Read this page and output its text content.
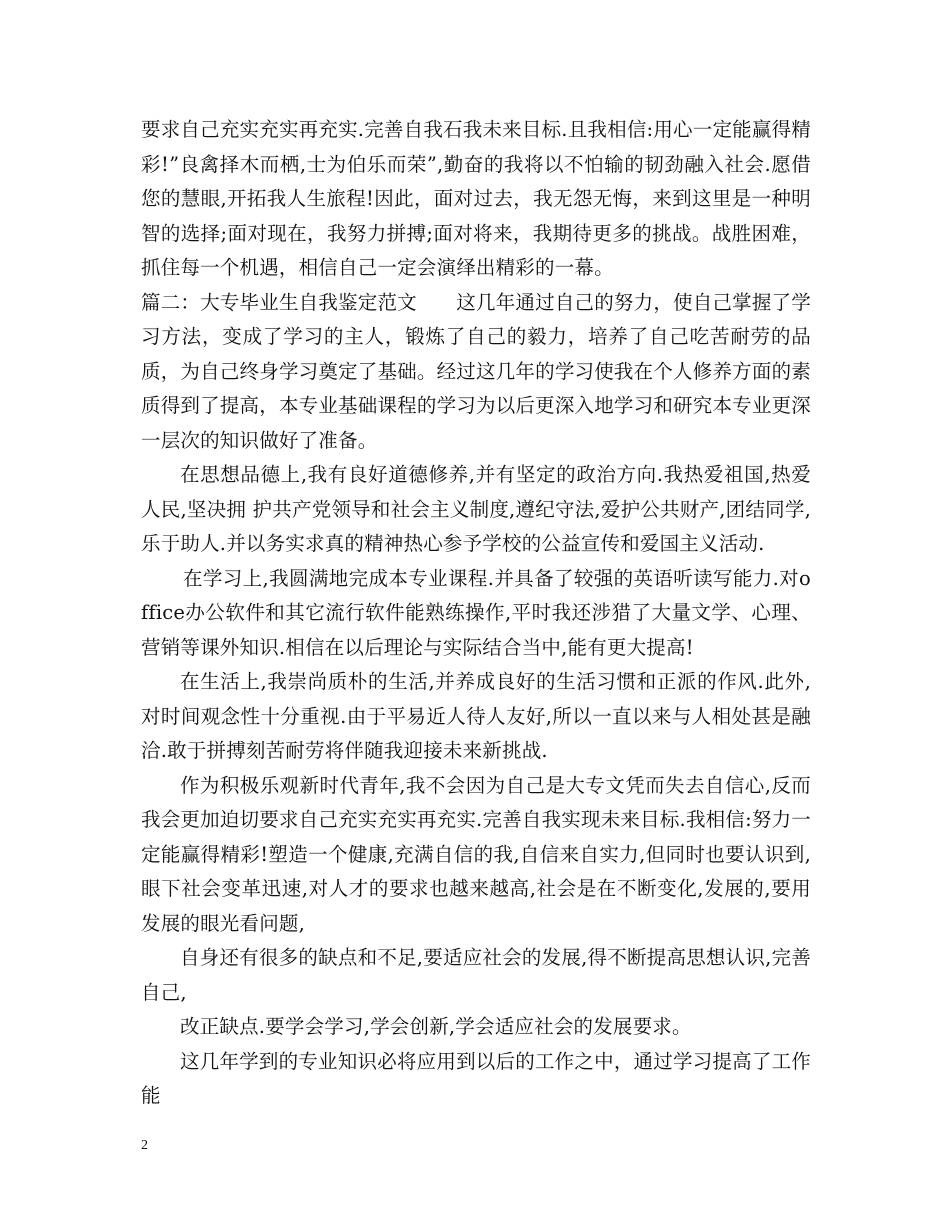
要求自己充实充实再充实.完善自我石我未来目标.且我相信:用心一定能赢得精彩!”良禽择木而栖,士为伯乐而荣”,勤奋的我将以不怕输的韧劲融入社会.愿借您的慧眼,开拓我人生旅程!因此，面对过去，我无怨无悔，来到这里是一种明智的选择;面对现在，我努力拼搏;面对将来，我期待更多的挑战。战胜困难，抓住每一个机遇，相信自己一定会演绎出精彩的一幕。

篇二：大专毕业生自我鉴定范文　　这几年通过自己的努力，使自己掌握了学习方法，变成了学习的主人，锻炼了自己的毅力，培养了自己吃苦耐劳的品质，为自己终身学习奠定了基础。经过这几年的学习使我在个人修养方面的素质得到了提高，本专业基础课程的学习为以后更深入地学习和研究本专业更深一层次的知识做好了准备。

在思想品德上,我有良好道德修养,并有坚定的政治方向.我热爱祖国,热爱人民,坚决拥 护共产党领导和社会主义制度,遵纪守法,爱护公共财产,团结同学,乐于助人.并以务实求真的精神热心参予学校的公益宣传和爱国主义活动.

在学习上,我圆满地完成本专业课程.并具备了较强的英语听读写能力.对office办公软件和其它流行软件能熟练操作,平时我还涉猎了大量文学、心理、营销等课外知识.相信在以后理论与实际结合当中,能有更大提高!

在生活上,我崇尚质朴的生活,并养成良好的生活习惯和正派的作风.此外,对时间观念性十分重视.由于平易近人待人友好,所以一直以来与人相处甚是融洽.敢于拼搏刻苦耐劳将伴随我迎接未来新挑战.

作为积极乐观新时代青年,我不会因为自己是大专文凭而失去自信心,反而我会更加迫切要求自己充实充实再充实.完善自我实现未来目标.我相信:努力一定能赢得精彩!塑造一个健康,充满自信的我,自信来自实力,但同时也要认识到,眼下社会变革迅速,对人才的要求也越来越高,社会是在不断变化,发展的,要用发展的眼光看问题,

自身还有很多的缺点和不足,要适应社会的发展,得不断提高思想认识,完善自己,

改正缺点.要学会学习,学会创新,学会适应社会的发展要求。

这几年学到的专业知识必将应用到以后的工作之中，通过学习提高了工作能

2
